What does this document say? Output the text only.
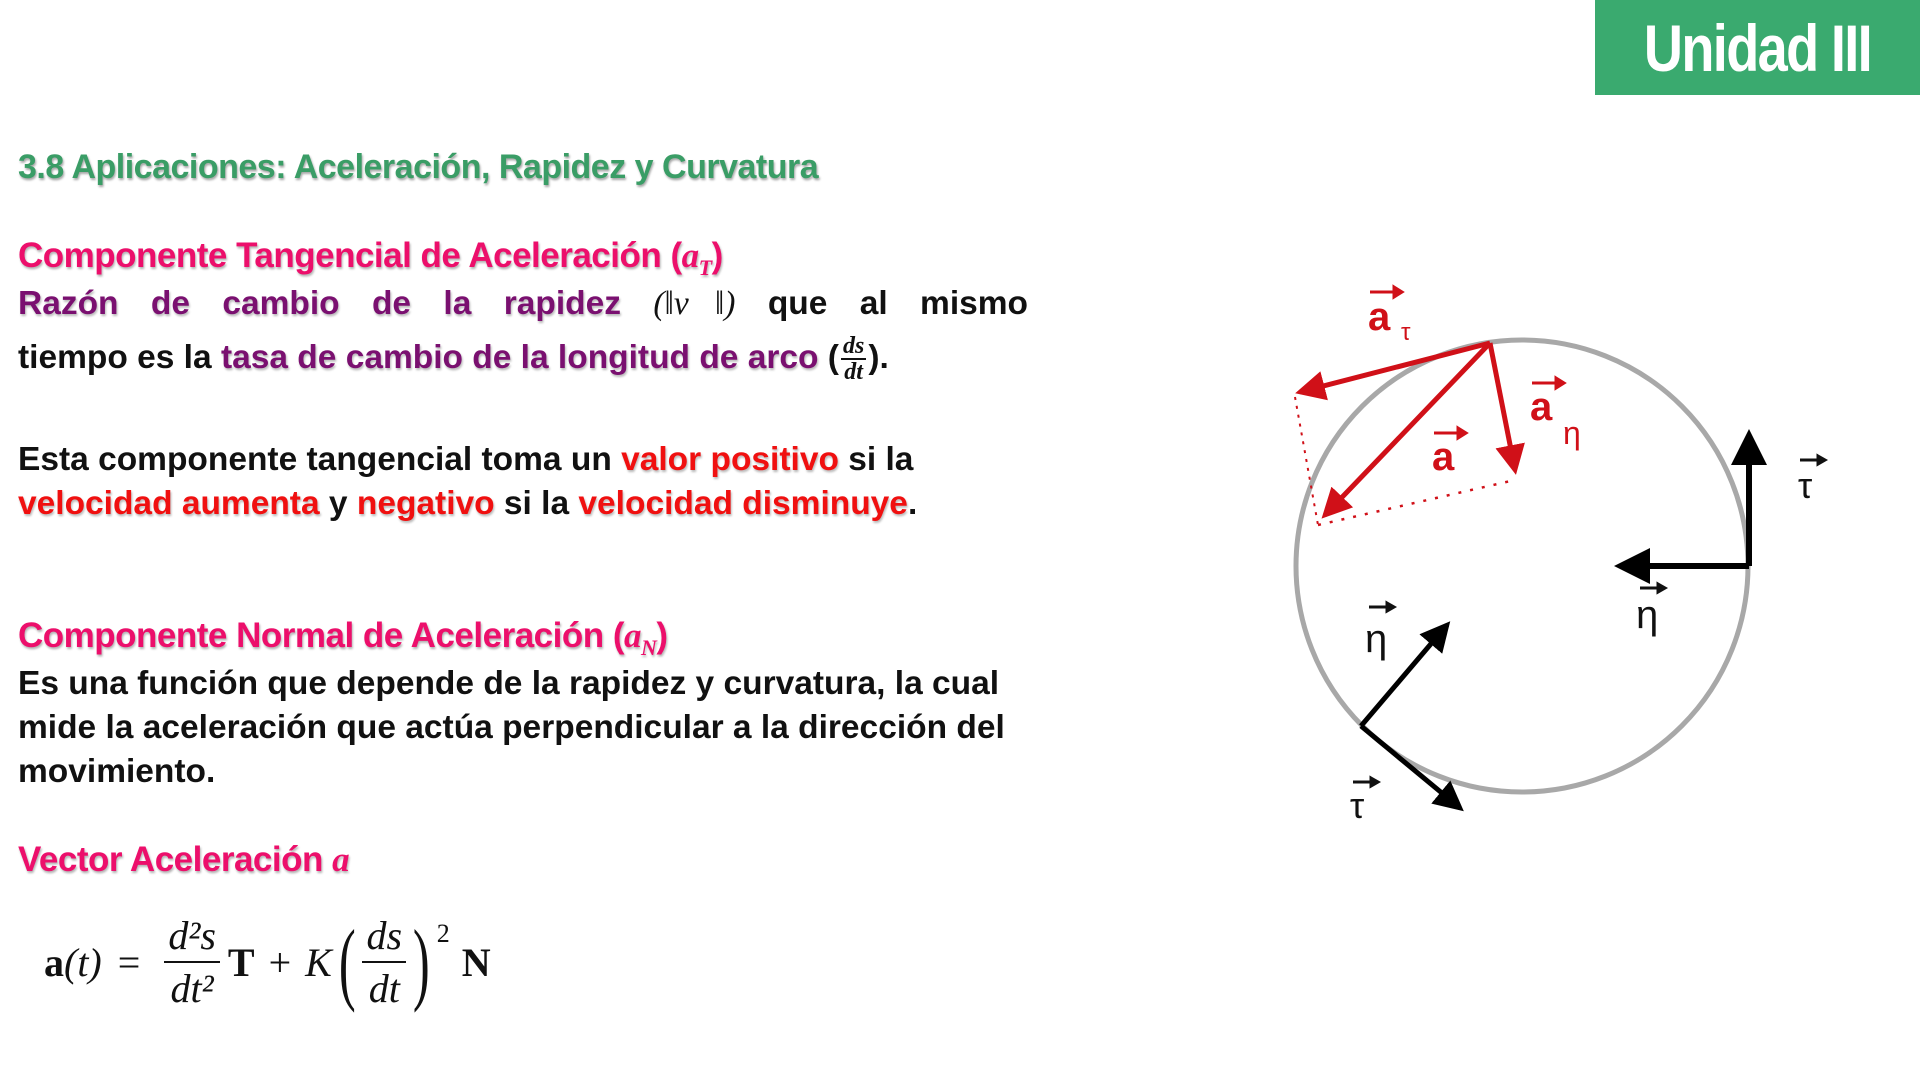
Unidad III
3.8 Aplicaciones: Aceleración, Rapidez y Curvatura
Componente Tangencial de Aceleración $(a_T)$
Razón de cambio de la rapidez (‖v⃗‖) que al mismo
tiempo es la tasa de cambio de la longitud de arco ( $\frac{ds}{dt}$ ).
Esta componente tangencial toma un valor positivo si la velocidad aumenta y negativo si la velocidad disminuye.
Componente Normal de Aceleración $(a_N)$
Es una función que depende de la rapidez y curvatura, la cual mide la aceleración que actúa perpendicular a la dirección del movimiento.
Vector Aceleración a⃗
a $(t) = \frac{\text{d²s}}{\text{dt²}}$ T + K ( ds
dt ) $^2$
N
a τ
a
η
a
τ
η
η
τ
